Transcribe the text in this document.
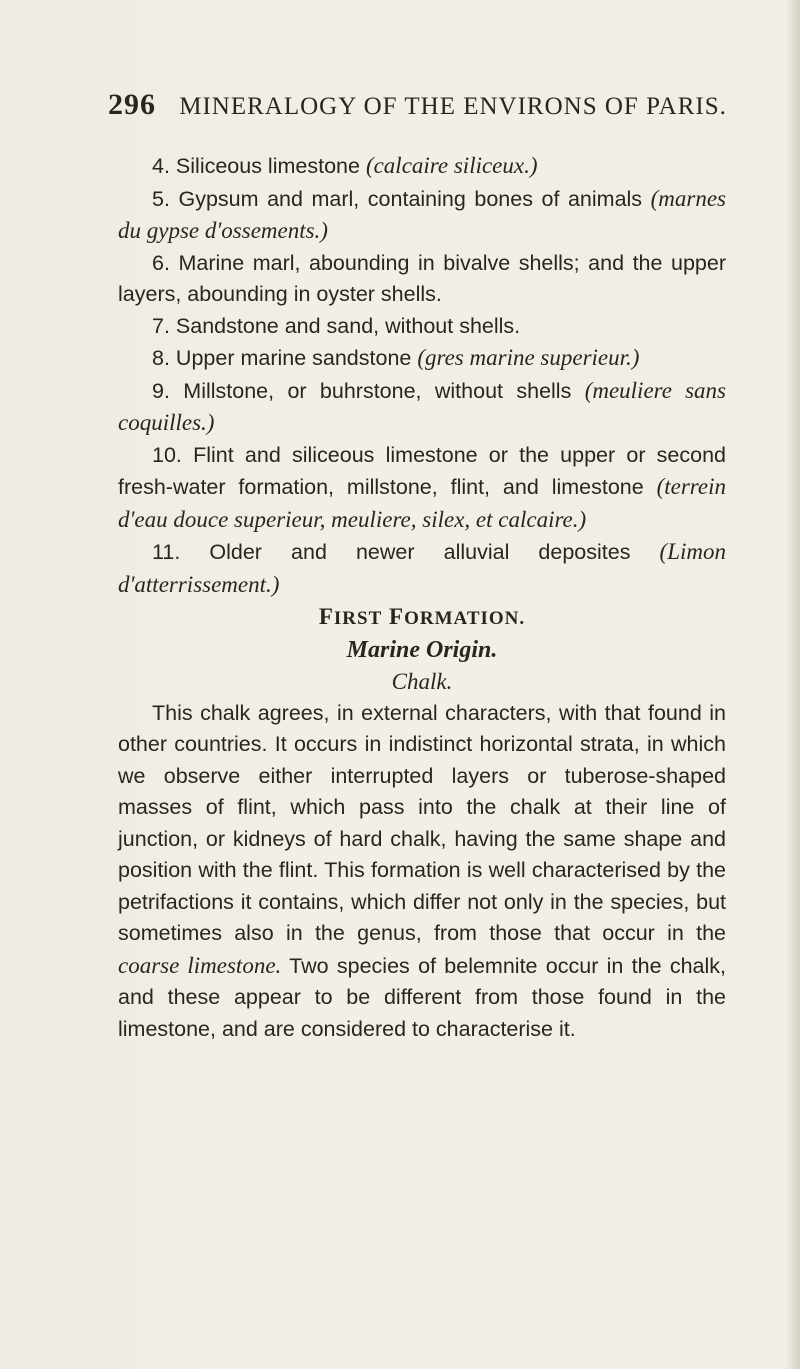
296 MINERALOGY OF THE ENVIRONS OF PARIS.

4. Siliceous limestone (calcaire siliceux.)

5. Gypsum and marl, containing bones of animals (marnes du gypse d'ossements.)

6. Marine marl, abounding in bivalve shells; and the upper layers, abounding in oyster shells.

7. Sandstone and sand, without shells.

8. Upper marine sandstone (gres marine superieur.)

9. Millstone, or buhrstone, without shells (meuliere sans coquilles.)

10. Flint and siliceous limestone or the upper or second fresh-water formation, millstone, flint, and limestone (terrein d'eau douce superieur, meuliere, silex, et calcaire.)

11. Older and newer alluvial deposites (Limon d'atterrissement.)

FIRST FORMATION.

Marine Origin.

Chalk.

This chalk agrees, in external characters, with that found in other countries. It occurs in indistinct horizontal strata, in which we observe either interrupted layers or tuberose-shaped masses of flint, which pass into the chalk at their line of junction, or kidneys of hard chalk, having the same shape and position with the flint. This formation is well characterised by the petrifactions it contains, which differ not only in the species, but sometimes also in the genus, from those that occur in the coarse limestone. Two species of belemnite occur in the chalk, and these appear to be different from those found in the limestone, and are considered to characterise it.
